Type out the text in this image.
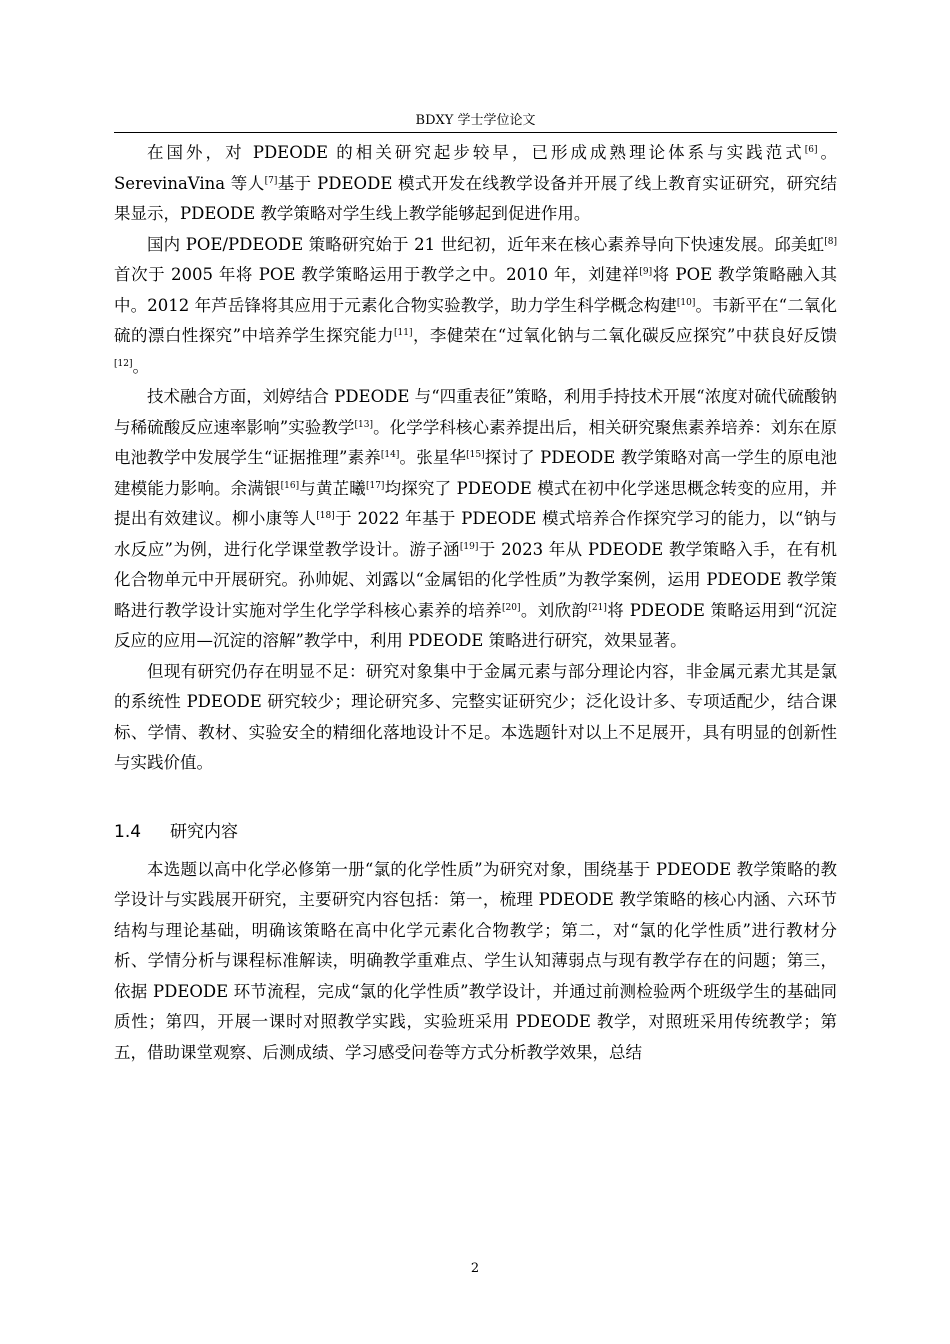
BDXY 学士学位论文

在国外，对 PDEODE 的相关研究起步较早，已形成成熟理论体系与实践范式[6]。SerevinaVina 等人[7]基于 PDEODE 模式开发在线教学设备并开展了线上教育实证研究，研究结果显示，PDEODE 教学策略对学生线上教学能够起到促进作用。

国内 POE/PDEODE 策略研究始于 21 世纪初，近年来在核心素养导向下快速发展。邱美虹[8]首次于 2005 年将 POE 教学策略运用于教学之中。2010 年，刘建祥[9]将 POE 教学策略融入其中。2012 年芦岳锋将其应用于元素化合物实验教学，助力学生科学概念构建[10]。韦新平在“二氧化硫的漂白性探究”中培养学生探究能力[11]，李健荣在“过氧化钠与二氧化碳反应探究”中获良好反馈[12]。

技术融合方面，刘婷结合 PDEODE 与“四重表征”策略，利用手持技术开展“浓度对硫代硫酸钠与稀硫酸反应速率影响”实验教学[13]。化学学科核心素养提出后，相关研究聚焦素养培养：刘东在原电池教学中发展学生“证据推理”素养[14]。张星华[15]探讨了 PDEODE 教学策略对高一学生的原电池建模能力影响。余满银[16]与黄芷曦[17]均探究了 PDEODE 模式在初中化学迷思概念转变的应用，并提出有效建议。柳小康等人[18]于 2022 年基于 PDEODE 模式培养合作探究学习的能力，以“钠与水反应”为例，进行化学课堂教学设计。游子涵[19]于 2023 年从 PDEODE 教学策略入手，在有机化合物单元中开展研究。孙帅妮、刘露以“金属铝的化学性质”为教学案例，运用 PDEODE 教学策略进行教学设计实施对学生化学学科核心素养的培养[20]。刘欣韵[21]将 PDEODE 策略运用到“沉淀反应的应用—沉淀的溶解”教学中，利用 PDEODE 策略进行研究，效果显著。

但现有研究仍存在明显不足：研究对象集中于金属元素与部分理论内容，非金属元素尤其是氯的系统性 PDEODE 研究较少；理论研究多、完整实证研究少；泛化设计多、专项适配少，结合课标、学情、教材、实验安全的精细化落地设计不足。本选题针对以上不足展开，具有明显的创新性与实践价值。

1.4 研究内容

本选题以高中化学必修第一册“氯的化学性质”为研究对象，围绕基于 PDEODE 教学策略的教学设计与实践展开研究，主要研究内容包括：第一，梳理 PDEODE 教学策略的核心内涵、六环节结构与理论基础，明确该策略在高中化学元素化合物教学；第二，对“氯的化学性质”进行教材分析、学情分析与课程标准解读，明确教学重难点、学生认知薄弱点与现有教学存在的问题；第三，依据 PDEODE 环节流程，完成“氯的化学性质”教学设计，并通过前测检验两个班级学生的基础同质性；第四，开展一课时对照教学实践，实验班采用 PDEODE 教学，对照班采用传统教学；第五，借助课堂观察、后测成绩、学习感受问卷等方式分析教学效果，总结

2
